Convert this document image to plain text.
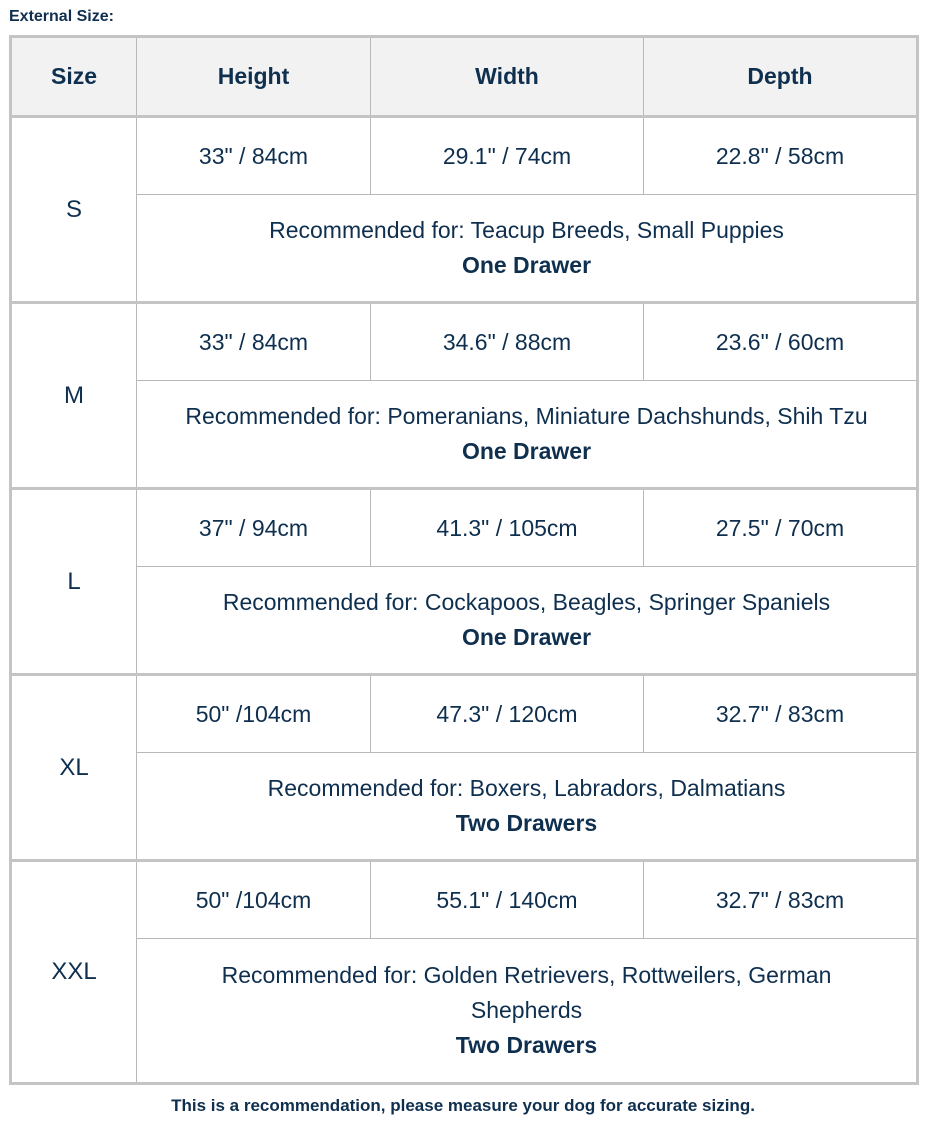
External Size:
Size	Height	Width	Depth
S	33" / 84cm	29.1" / 74cm	22.8" / 58cm
	Recommended for: Teacup Breeds, Small Puppies
One Drawer		

M	33" / 84cm	34.6" / 88cm	23.6" / 60cm
	Recommended for: Pomeranians, Miniature Dachshunds, Shih Tzu
One Drawer		

L	37" / 94cm	41.3" / 105cm	27.5" / 70cm
	Recommended for: Cockapoos, Beagles, Springer Spaniels
One Drawer		

XL	50" /104cm	47.3" / 120cm	32.7" / 83cm
	Recommended for: Boxers, Labradors, Dalmatians
Two Drawers		

XXL	50" /104cm	55.1" / 140cm	32.7" / 83cm
	Recommended for: Golden Retrievers, Rottweilers, German Shepherds
Two Drawers		
This is a recommendation, please measure your dog for accurate sizing.
